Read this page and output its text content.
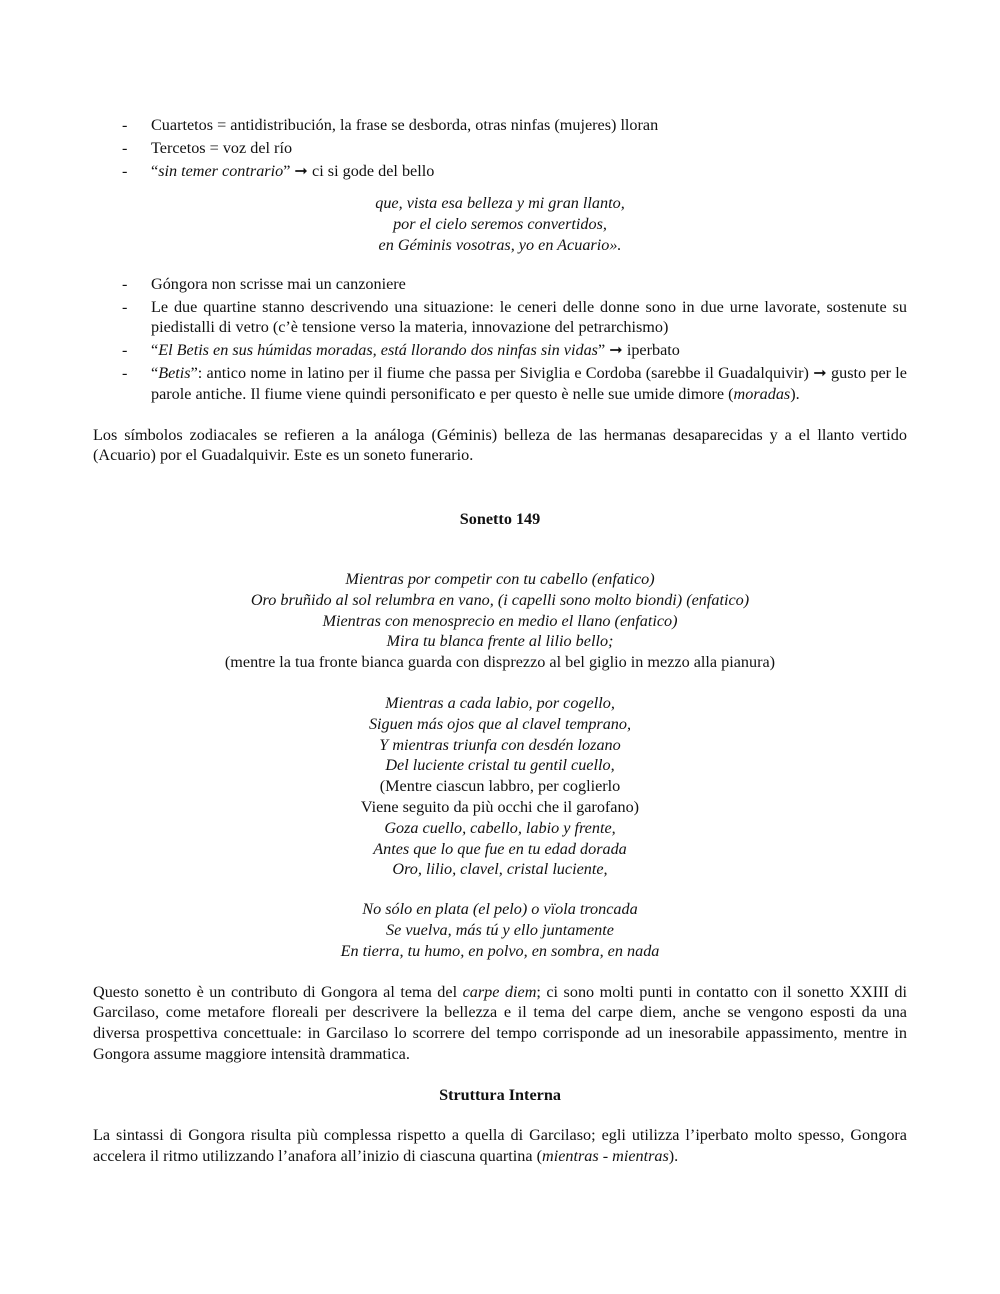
- Cuartetos = antidistribución, la frase se desborda, otras ninfas (mujeres) lloran
- Tercetos = voz del río
- “sin temer contrario” ➞ ci si gode del bello
que, vista esa belleza y mi gran llanto,
por el cielo seremos convertidos,
en Géminis vosotras, yo en Acuario».
- Góngora non scrisse mai un canzoniere
- Le due quartine stanno descrivendo una situazione: le ceneri delle donne sono in due urne lavorate, sostenute su piedistalli di vetro (c’è tensione verso la materia, innovazione del petrarchismo)
- “El Betis en sus húmidas moradas, está llorando dos ninfas sin vidas” ➞ iperbato
- “Betis”: antico nome in latino per il fiume che passa per Siviglia e Cordoba (sarebbe il Guadalquivir) ➞ gusto per le parole antiche. Il fiume viene quindi personificato e per questo è nelle sue umide dimore (moradas).

Los símbolos zodiacales se refieren a la análoga (Géminis) belleza de las hermanas desaparecidas y a el llanto vertido (Acuario) por el Guadalquivir. Este es un soneto funerario.

Sonetto 149
Mientras por competir con tu cabello (enfatico)
Oro bruñido al sol relumbra en vano, (i capelli sono molto biondi) (enfatico)
Mientras con menosprecio en medio el llano (enfatico)
Mira tu blanca frente al lilio bello;
(mentre la tua fronte bianca guarda con disprezzo al bel giglio in mezzo alla pianura)
Mientras a cada labio, por cogello,
Siguen más ojos que al clavel temprano,
Y mientras triunfa con desdén lozano
Del luciente cristal tu gentil cuello,
(Mentre ciascun labbro, per coglierlo
Viene seguito da più occhi che il garofano)
Goza cuello, cabello, labio y frente,
Antes que lo que fue en tu edad dorada
Oro, lilio, clavel, cristal luciente,
No sólo en plata (el pelo) o vïola troncada
Se vuelva, más tú y ello juntamente
En tierra, tu humo, en polvo, en sombra, en nada

Questo sonetto è un contributo di Gongora al tema del carpe diem; ci sono molti punti in contatto con il sonetto XXIII di Garcilaso, come metafore floreali per descrivere la bellezza e il tema del carpe diem, anche se vengono esposti da una diversa prospettiva concettuale: in Garcilaso lo scorrere del tempo corrisponde ad un inesorabile appassimento, mentre in Gongora assume maggiore intensità drammatica.

Struttura Interna

La sintassi di Gongora risulta più complessa rispetto a quella di Garcilaso; egli utilizza l’iperbato molto spesso, Gongora accelera il ritmo utilizzando l’anafora all’inizio di ciascuna quartina (mientras - mientras).
